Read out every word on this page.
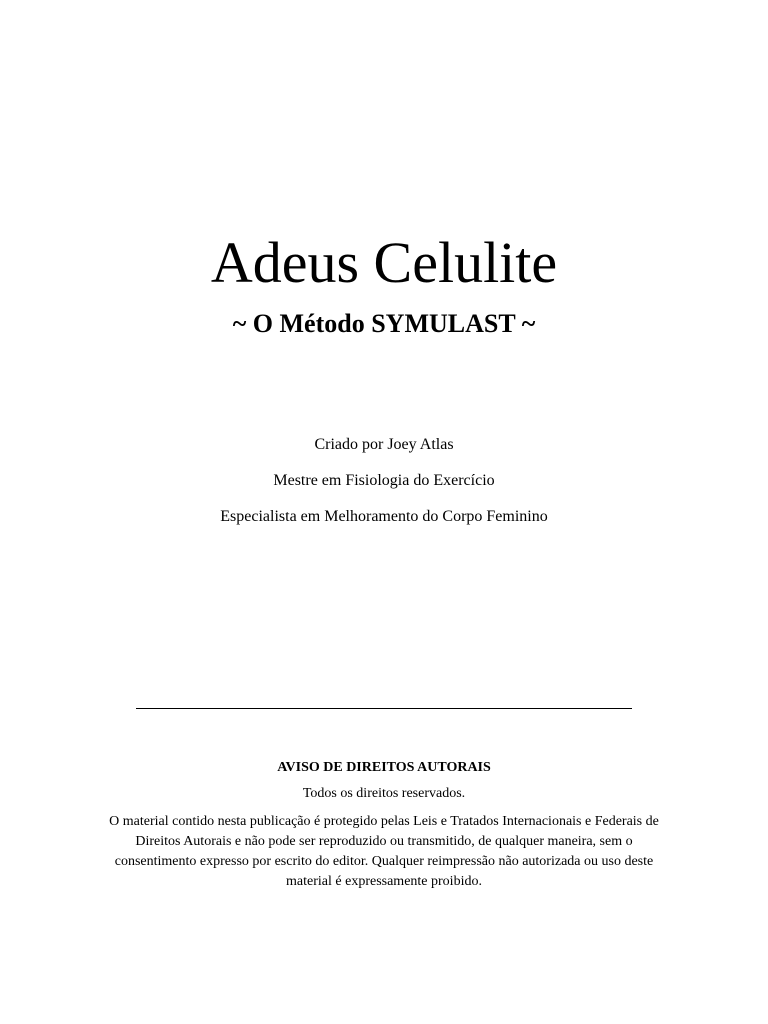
Adeus Celulite
~ O Método SYMULAST ~
Criado por Joey Atlas
Mestre em Fisiologia do Exercício
Especialista em Melhoramento do Corpo Feminino
AVISO DE DIREITOS AUTORAIS
Todos os direitos reservados.

O material contido nesta publicação é protegido pelas Leis e Tratados Internacionais e Federais de Direitos Autorais e não pode ser reproduzido ou transmitido, de qualquer maneira, sem o consentimento expresso por escrito do editor. Qualquer reimpressão não autorizada ou uso deste material é expressamente proibido.
